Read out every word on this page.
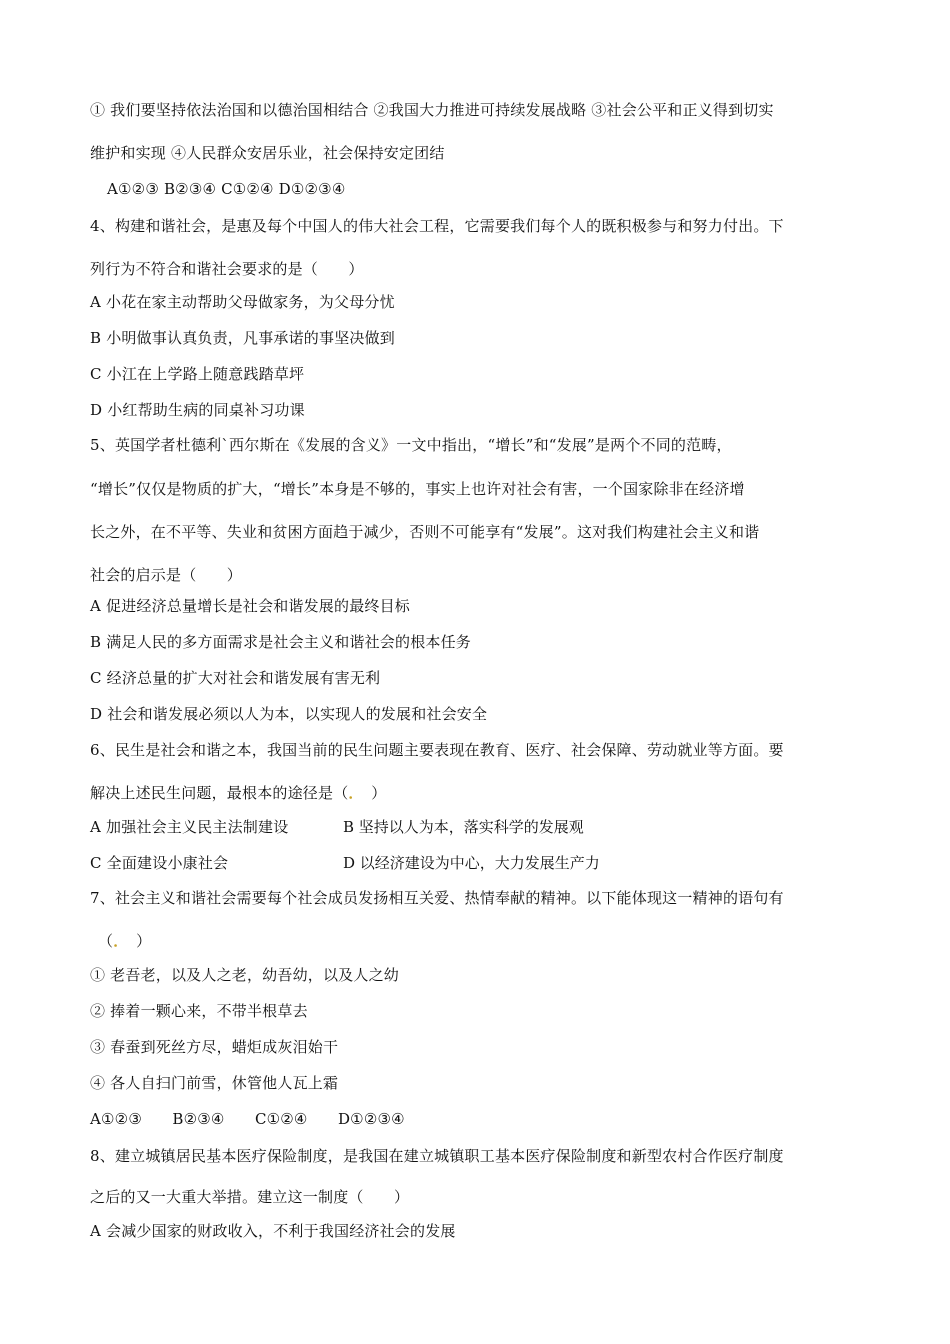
① 我们要坚持依法治国和以德治国相结合 ②我国大力推进可持续发展战略 ③社会公平和正义得到切实
维护和实现 ④人民群众安居乐业，社会保持安定团结
A①②③ B②③④ C①②④ D①②③④
4、构建和谐社会，是惠及每个中国人的伟大社会工程，它需要我们每个人的既积极参与和努力付出。下
列行为不符合和谐社会要求的是（　　）
A 小花在家主动帮助父母做家务，为父母分忧
B 小明做事认真负责，凡事承诺的事坚决做到
C 小江在上学路上随意践踏草坪
D 小红帮助生病的同桌补习功课
5、英国学者杜德利`西尔斯在《发展的含义》一文中指出，“增长”和“发展”是两个不同的范畴，
“增长”仅仅是物质的扩大，“增长”本身是不够的，事实上也许对社会有害，一个国家除非在经济增
长之外，在不平等、失业和贫困方面趋于减少，否则不可能享有“发展”。这对我们构建社会主义和谐
社会的启示是（　　）
A 促进经济总量增长是社会和谐发展的最终目标
B 满足人民的多方面需求是社会主义和谐社会的根本任务
C 经济总量的扩大对社会和谐发展有害无利
D 社会和谐发展必须以人为本，以实现人的发展和社会安全
6、民生是社会和谐之本，我国当前的民生问题主要表现在教育、医疗、社会保障、劳动就业等方面。要
解决上述民生问题，最根本的途径是（．　）
A 加强社会主义民主法制建设	B 坚持以人为本，落实科学的发展观
C 全面建设小康社会	D 以经济建设为中心，大力发展生产力
7、社会主义和谐社会需要每个社会成员发扬相互关爱、热情奉献的精神。以下能体现这一精神的语句有
（．　）
① 老吾老，以及人之老，幼吾幼，以及人之幼
② 捧着一颗心来，不带半根草去
③ 春蚕到死丝方尽，蜡炬成灰泪始干
④ 各人自扫门前雪，休管他人瓦上霜
A①②③　　B②③④　　C①②④　　D①②③④
8、建立城镇居民基本医疗保险制度，是我国在建立城镇职工基本医疗保险制度和新型农村合作医疗制度
之后的又一大重大举措。建立这一制度（　　）
A 会减少国家的财政收入，不利于我国经济社会的发展
